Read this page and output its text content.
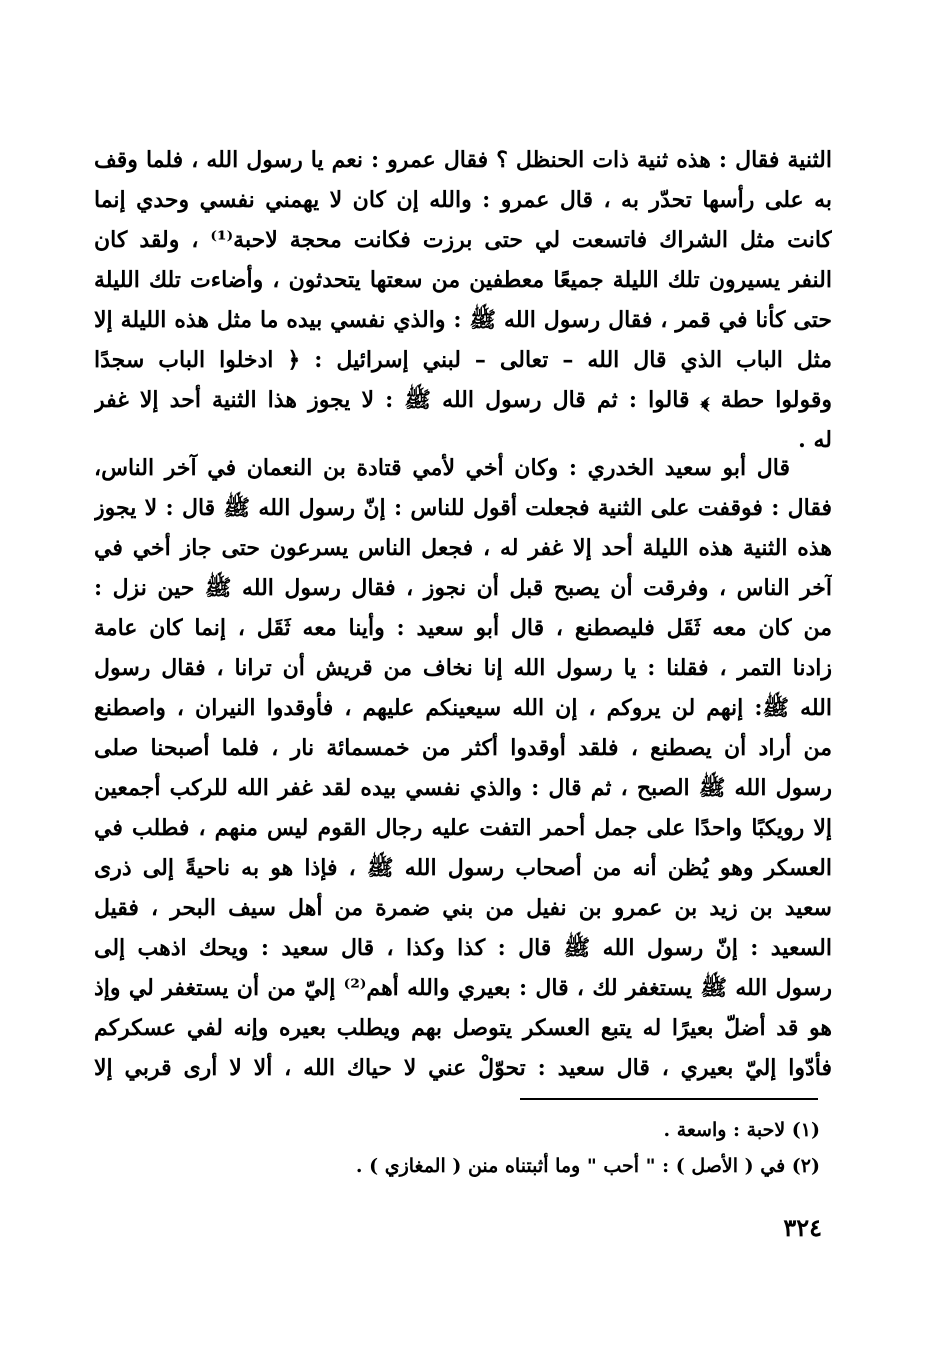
الثنية فقال : هذه ثنية ذات الحنظل ؟ فقال عمرو : نعم يا رسول الله ، فلما وقف
به على رأسها تحدّر به ، قال عمرو : والله إن كان لا يهمني نفسي وحدي إنما
كانت مثل الشراك فاتسعت لي حتى برزت فكانت محجة لاحبة⁽¹⁾ ، ولقد كان
النفر يسيرون تلك الليلة جميعًا معطفين من سعتها يتحدثون ، وأضاءت تلك الليلة
حتى كأنا في قمر ، فقال رسول الله ﷺ : والذي نفسي بيده ما مثل هذه الليلة إلا
مثل الباب الذي قال الله – تعالى – لبني إسرائيل : ﴿ ادخلوا الباب سجدًا
وقولوا حطة ﴾ قالوا : ثم قال رسول الله ﷺ : لا يجوز هذا الثنية أحد إلا غفر
له .
قال أبو سعيد الخدري : وكان أخي لأمي قتادة بن النعمان في آخر الناس،
فقال : فوقفت على الثنية فجعلت أقول للناس : إنّ رسول الله ﷺ قال : لا يجوز
هذه الثنية هذه الليلة أحد إلا غفر له ، فجعل الناس يسرعون حتى جاز أخي في
آخر الناس ، وفرقت أن يصبح قبل أن نجوز ، فقال رسول الله ﷺ حين نزل :
من كان معه ثَقَل فليصطنع ، قال أبو سعيد : وأينا معه ثَقَل ، إنما كان عامة
زادنا التمر ، فقلنا : يا رسول الله إنا نخاف من قريش أن ترانا ، فقال رسول
الله ﷺ: إنهم لن يروكم ، إن الله سيعينكم عليهم ، فأوقدوا النيران ، واصطنع
من أراد أن يصطنع ، فلقد أوقدوا أكثر من خمسمائة نار ، فلما أصبحنا صلى
رسول الله ﷺ الصبح ، ثم قال : والذي نفسي بيده لقد غفر الله للركب أجمعين
إلا رويكبًا واحدًا على جمل أحمر التفت عليه رجال القوم ليس منهم ، فطلب في
العسكر وهو يُظن أنه من أصحاب رسول الله ﷺ ، فإذا هو به ناحيةً إلى ذرى
سعيد بن زيد بن عمرو بن نفيل من بني ضمرة من أهل سيف البحر ، فقيل
السعيد : إنّ رسول الله ﷺ قال : كذا وكذا ، قال سعيد : ويحك اذهب إلى
رسول الله ﷺ يستغفر لك ، قال : بعيري والله أهم⁽²⁾ إليّ من أن يستغفر لي وإذ
هو قد أضلّ بعيرًا له يتبع العسكر يتوصل بهم ويطلب بعيره وإنه لفي عسكركم
فأدّوا إليّ بعيري ، قال سعيد : تحوّلْ عني لا حياك الله ، ألا لا أرى قربي إلا
(١) لاحبة : واسعة .
(٢) في ( الأصل ) : " أحب " وما أثبتناه منن ( المغازي ) .
٣٢٤
